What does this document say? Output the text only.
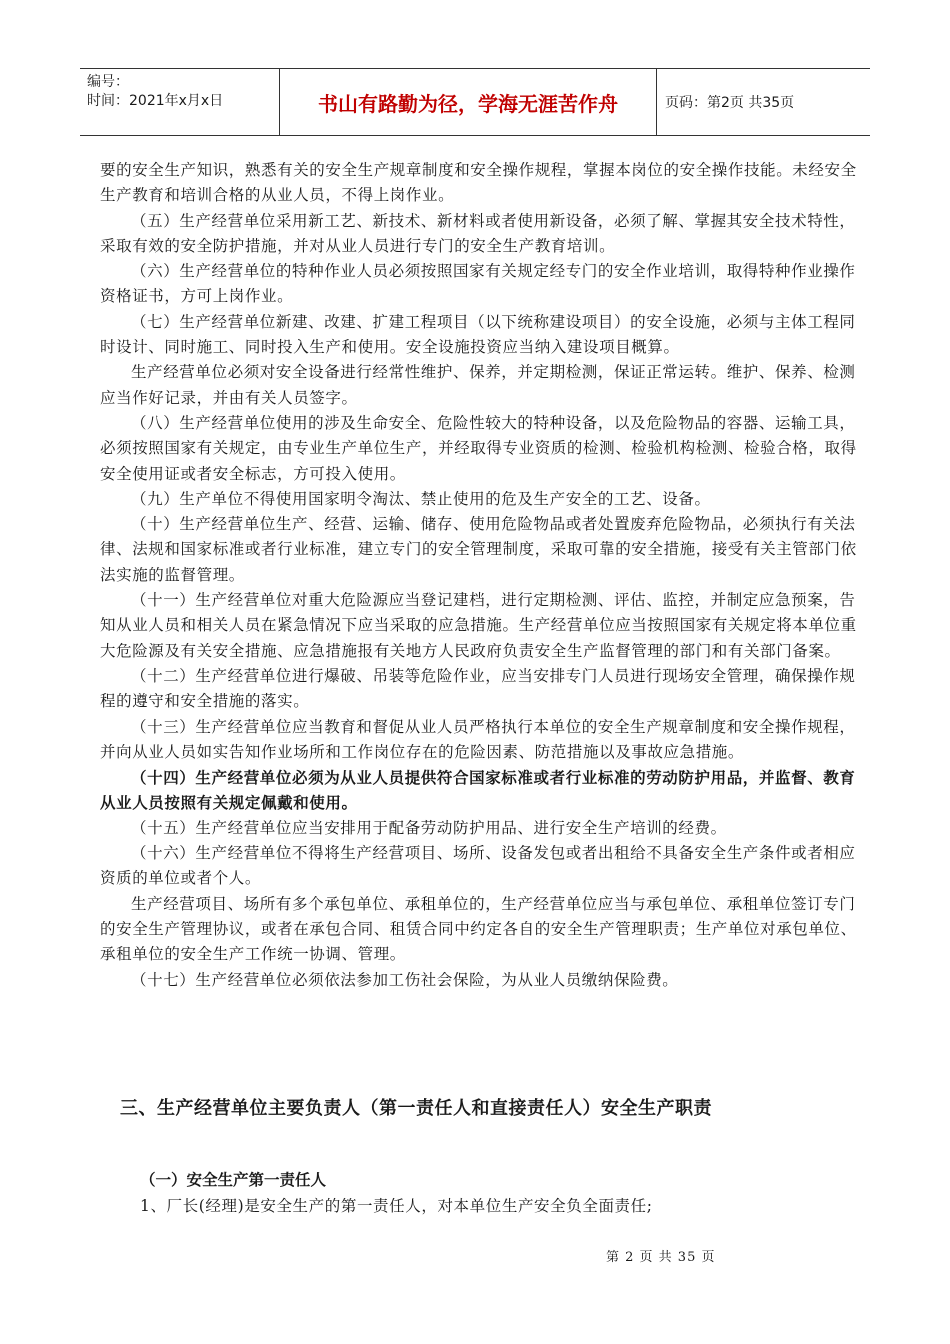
编号：
时间：2021年x月x日	书山有路勤为径，学海无涯苦作舟	页码：第2页 共35页

要的安全生产知识，熟悉有关的安全生产规章制度和安全操作规程，掌握本岗位的安全操作技能。未经安全生产教育和培训合格的从业人员，不得上岗作业。

（五）生产经营单位采用新工艺、新技术、新材料或者使用新设备，必须了解、掌握其安全技术特性，采取有效的安全防护措施，并对从业人员进行专门的安全生产教育培训。

（六）生产经营单位的特种作业人员必须按照国家有关规定经专门的安全作业培训，取得特种作业操作资格证书，方可上岗作业。

（七）生产经营单位新建、改建、扩建工程项目（以下统称建设项目）的安全设施，必须与主体工程同时设计、同时施工、同时投入生产和使用。安全设施投资应当纳入建设项目概算。

生产经营单位必须对安全设备进行经常性维护、保养，并定期检测，保证正常运转。维护、保养、检测应当作好记录，并由有关人员签字。

（八）生产经营单位使用的涉及生命安全、危险性较大的特种设备，以及危险物品的容器、运输工具，必须按照国家有关规定，由专业生产单位生产，并经取得专业资质的检测、检验机构检测、检验合格，取得安全使用证或者安全标志，方可投入使用。

（九）生产单位不得使用国家明令淘汰、禁止使用的危及生产安全的工艺、设备。

（十）生产经营单位生产、经营、运输、储存、使用危险物品或者处置废弃危险物品，必须执行有关法律、法规和国家标准或者行业标准，建立专门的安全管理制度，采取可靠的安全措施，接受有关主管部门依法实施的监督管理。

（十一）生产经营单位对重大危险源应当登记建档，进行定期检测、评估、监控，并制定应急预案，告知从业人员和相关人员在紧急情况下应当采取的应急措施。生产经营单位应当按照国家有关规定将本单位重大危险源及有关安全措施、应急措施报有关地方人民政府负责安全生产监督管理的部门和有关部门备案。

（十二）生产经营单位进行爆破、吊装等危险作业，应当安排专门人员进行现场安全管理，确保操作规程的遵守和安全措施的落实。

（十三）生产经营单位应当教育和督促从业人员严格执行本单位的安全生产规章制度和安全操作规程，并向从业人员如实告知作业场所和工作岗位存在的危险因素、防范措施以及事故应急措施。

（十四）生产经营单位必须为从业人员提供符合国家标准或者行业标准的劳动防护用品，并监督、教育从业人员按照有关规定佩戴和使用。

（十五）生产经营单位应当安排用于配备劳动防护用品、进行安全生产培训的经费。

（十六）生产经营单位不得将生产经营项目、场所、设备发包或者出租给不具备安全生产条件或者相应资质的单位或者个人。

生产经营项目、场所有多个承包单位、承租单位的，生产经营单位应当与承包单位、承租单位签订专门的安全生产管理协议，或者在承包合同、租赁合同中约定各自的安全生产管理职责；生产单位对承包单位、承租单位的安全生产工作统一协调、管理。

（十七）生产经营单位必须依法参加工伤社会保险，为从业人员缴纳保险费。

三、生产经营单位主要负责人（第一责任人和直接责任人）安全生产职责
（一）安全生产第一责任人
1、厂长(经理)是安全生产的第一责任人，对本单位生产安全负全面责任;
第 2 页 共 35 页
